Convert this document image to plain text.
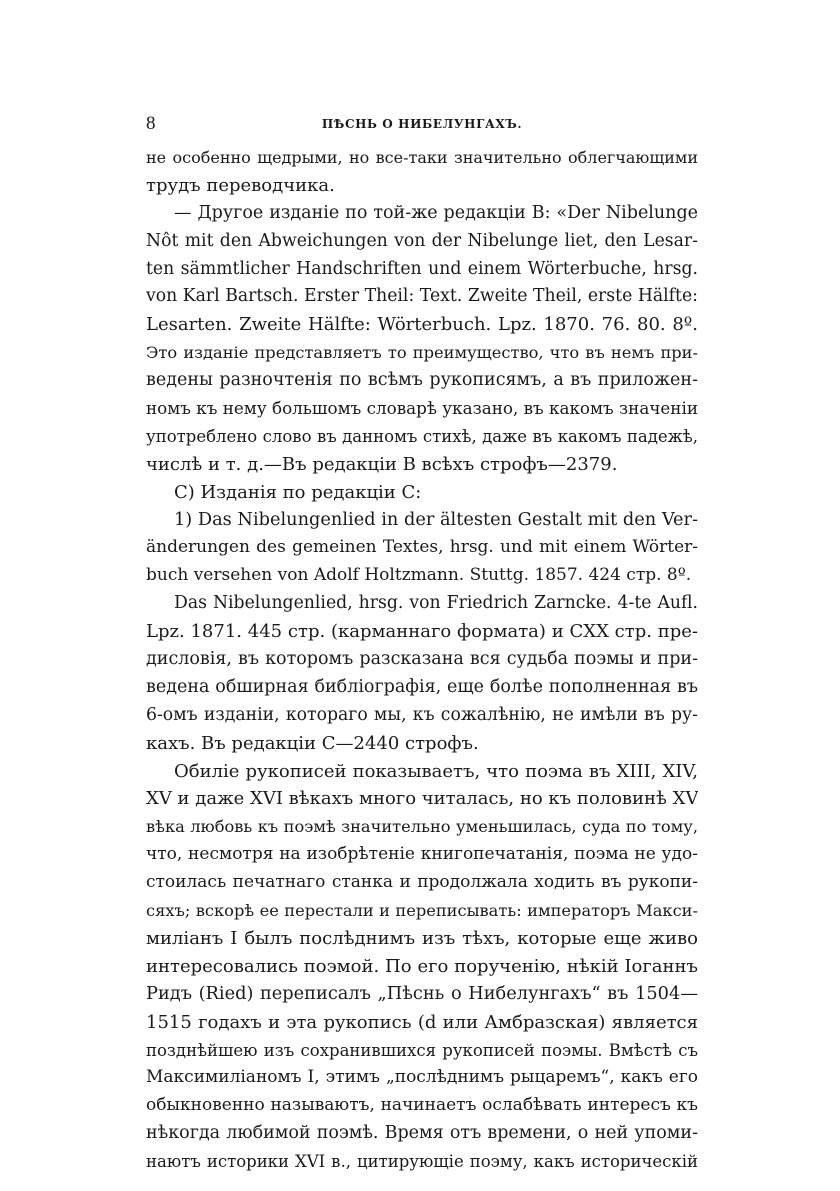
8	ПѢСНЬ О НИБЕЛУНГАХЪ.
не особенно щедрыми, но все-таки значительно облегчающими
трудъ переводчика.
— Другое изданіе по той-же редакціи B: «Der Nibelunge
Nôt mit den Abweichungen von der Nibelunge liet, den Lesar-
ten sämmtlicher Handschriften und einem Wörterbuche, hrsg.
von Karl Bartsch. Erster Theil: Text. Zweite Theil, erste Hälfte:
Lesarten. Zweite Hälfte: Wörterbuch. Lpz. 1870. 76. 80. 8º.
Это изданіе представляетъ то преимущество, что въ немъ при-
ведены разночтенія по всѣмъ рукописямъ, а въ приложен-
номъ къ нему большомъ словарѣ указано, въ какомъ значеніи
употреблено слово въ данномъ стихѣ, даже въ какомъ падежѣ,
числѣ и т. д.—Въ редакціи B всѣхъ строфъ—2379.
C) Изданія по редакціи C:
1) Das Nibelungenlied in der ältesten Gestalt mit den Ver-
änderungen des gemeinen Textes, hrsg. und mit einem Wörter-
buch versehen von Adolf Holtzmann. Stuttg. 1857. 424 стр. 8º.
Das Nibelungenlied, hrsg. von Friedrich Zarncke. 4-te Aufl.
Lpz. 1871. 445 стр. (карманнаго формата) и CXX стр. пре-
дисловія, въ которомъ разсказана вся судьба поэмы и при-
ведена обширная библіографія, еще болѣе пополненная въ
6-омъ изданіи, котораго мы, къ сожалѣнію, не имѣли въ ру-
кахъ. Въ редакціи C—2440 строфъ.
Обиліе рукописей показываетъ, что поэма въ XIII, XIV,
XV и даже XVI вѣкахъ много читалась, но къ половинѣ XV
вѣка любовь къ поэмѣ значительно уменьшилась, суда по тому,
что, несмотря на изобрѣтеніе книгопечатанія, поэма не удо-
стоилась печатнаго станка и продолжала ходить въ рукопи-
сяхъ; вскорѣ ее перестали и переписывать: императоръ Макси-
миліанъ I былъ послѣднимъ изъ тѣхъ, которые еще живо
интересовались поэмой. По его порученію, нѣкій Іоганнъ
Ридъ (Ried) переписалъ „Пѣснь о Нибелунгахъ“ въ 1504—
1515 годахъ и эта рукопись (d или Амбразская) является
позднѣйшею изъ сохранившихся рукописей поэмы. Вмѣстѣ съ
Максимиліаномъ I, этимъ „послѣднимъ рыцаремъ“, какъ его
обыкновенно называютъ, начинаетъ ослабѣвать интересъ къ
нѣкогда любимой поэмѣ. Время отъ времени, о ней упоми-
наютъ историки XVI в., цитирующіе поэму, какъ историческій
